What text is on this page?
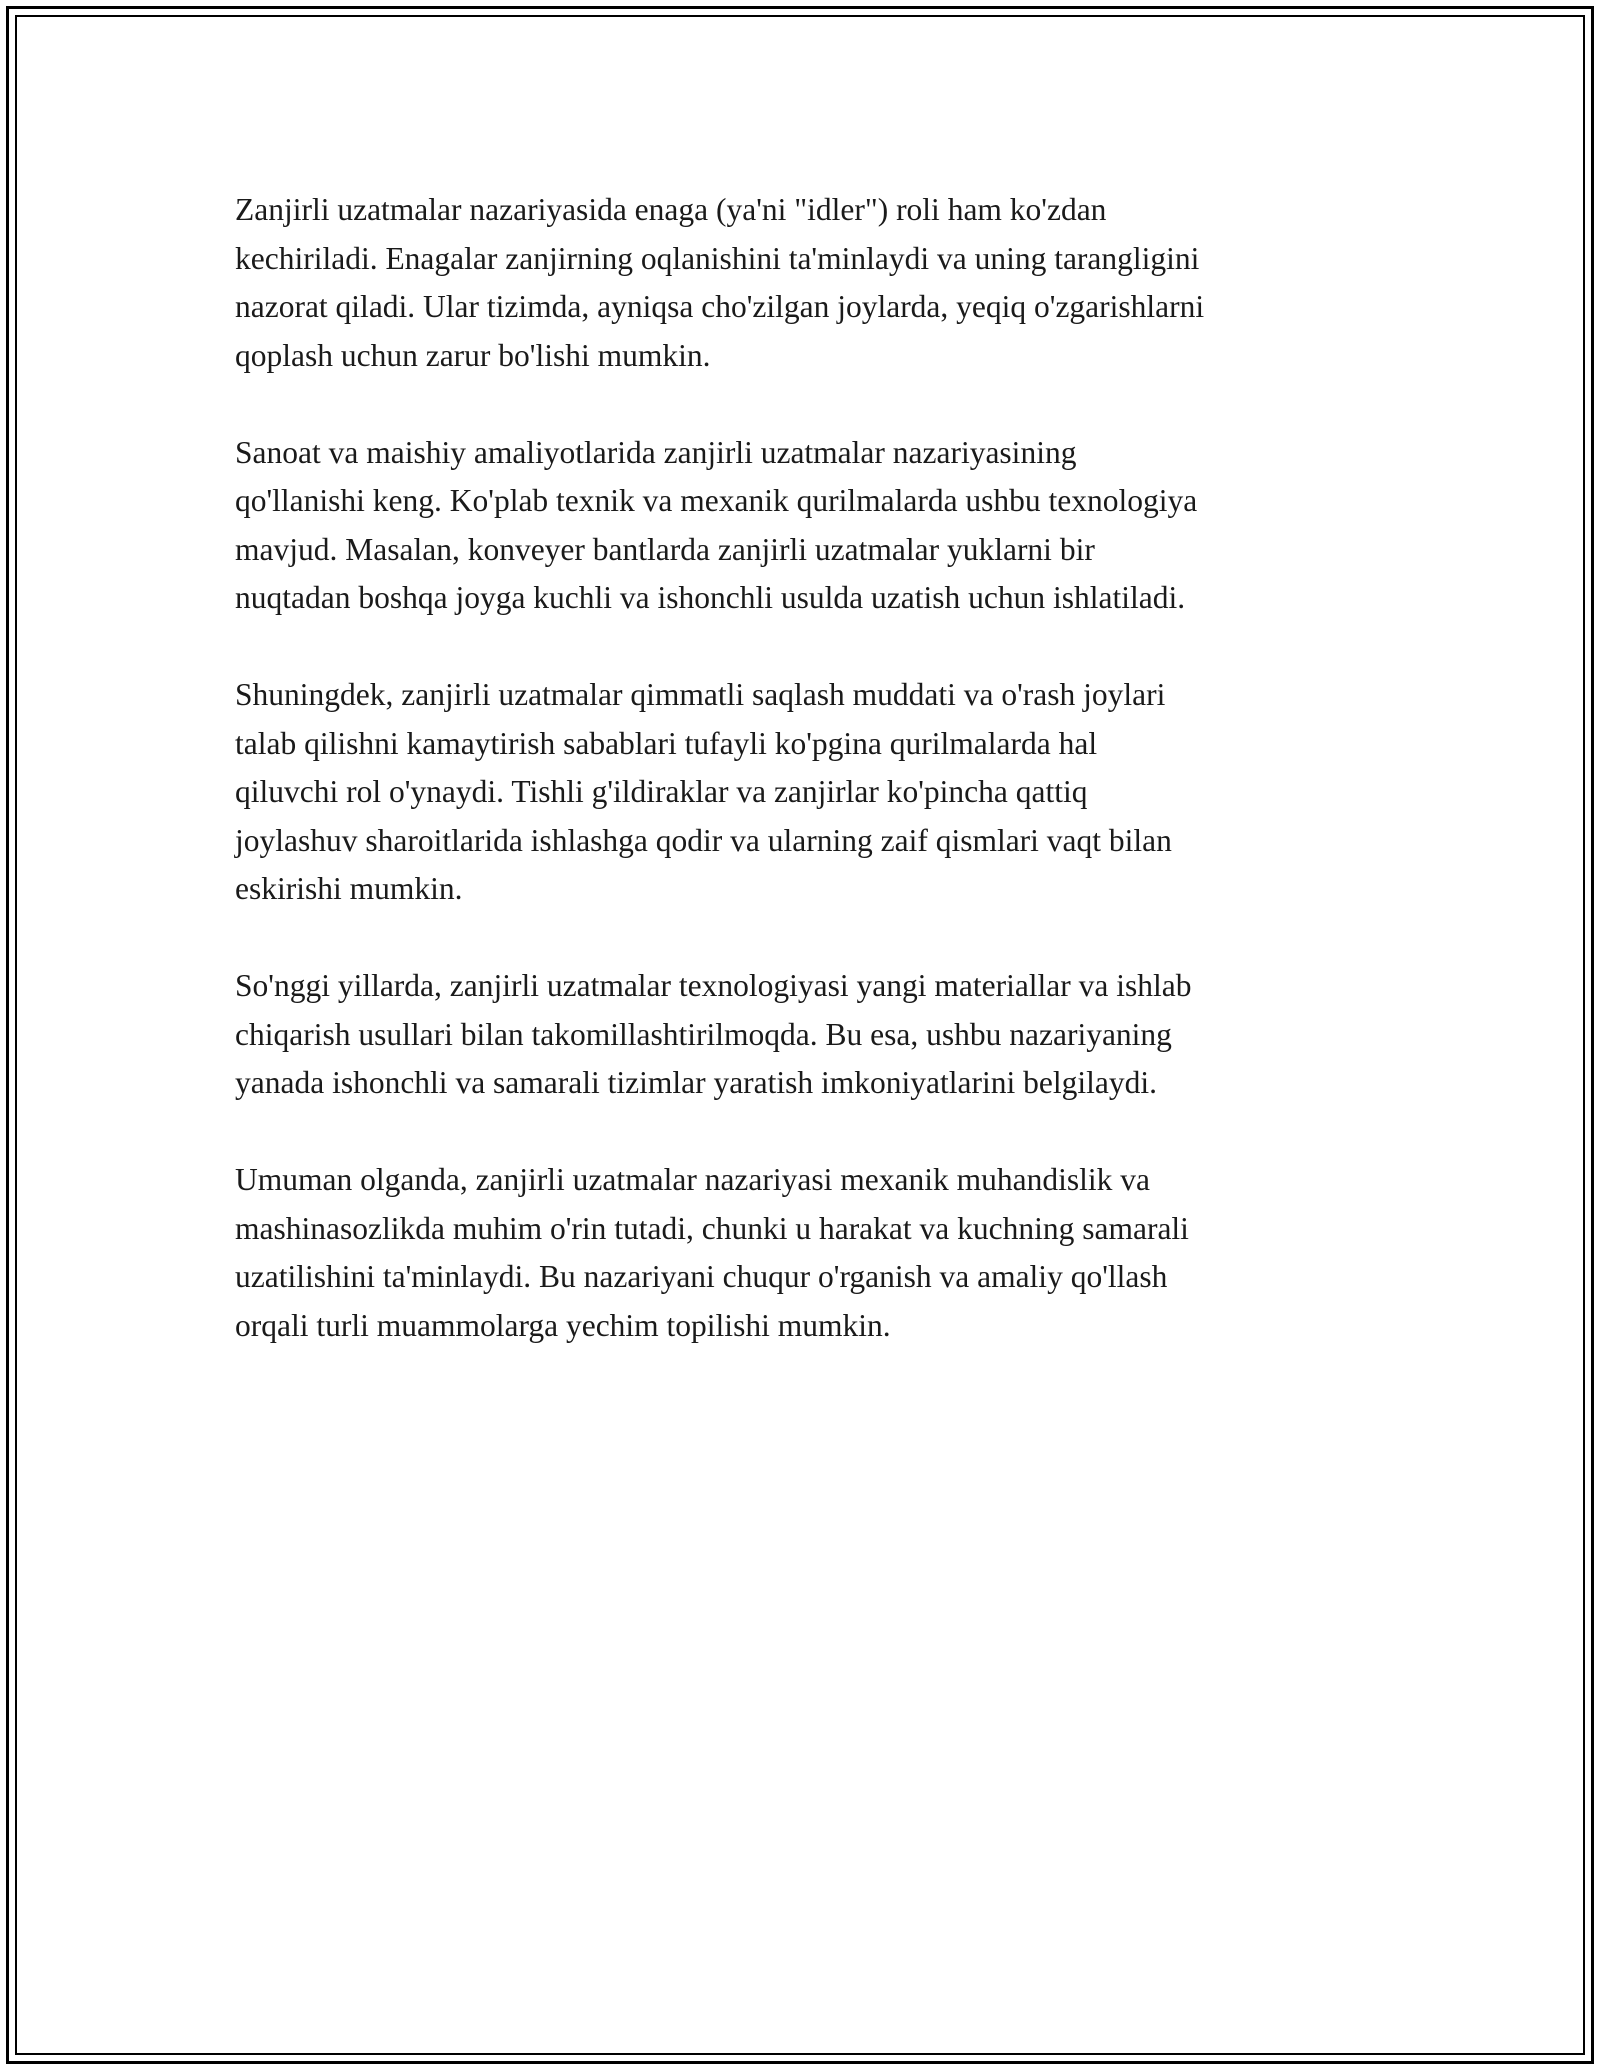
Zanjirli uzatmalar nazariyasida enaga (ya'ni "idler") roli ham ko'zdan
kechiriladi. Enagalar zanjirning oqlanishini ta'minlaydi va uning tarangligini
nazorat qiladi. Ular tizimda, ayniqsa cho'zilgan joylarda, yeqiq o'zgarishlarni
qoplash uchun zarur bo'lishi mumkin.

Sanoat va maishiy amaliyotlarida zanjirli uzatmalar nazariyasining
qo'llanishi keng. Ko'plab texnik va mexanik qurilmalarda ushbu texnologiya
mavjud. Masalan, konveyer bantlarda zanjirli uzatmalar yuklarni bir
nuqtadan boshqa joyga kuchli va ishonchli usulda uzatish uchun ishlatiladi.

Shuningdek, zanjirli uzatmalar qimmatli saqlash muddati va o'rash joylari
talab qilishni kamaytirish sabablari tufayli ko'pgina qurilmalarda hal
qiluvchi rol o'ynaydi. Tishli g'ildiraklar va zanjirlar ko'pincha qattiq
joylashuv sharoitlarida ishlashga qodir va ularning zaif qismlari vaqt bilan
eskirishi mumkin.

So'nggi yillarda, zanjirli uzatmalar texnologiyasi yangi materiallar va ishlab
chiqarish usullari bilan takomillashtirilmoqda. Bu esa, ushbu nazariyaning
yanada ishonchli va samarali tizimlar yaratish imkoniyatlarini belgilaydi.

Umuman olganda, zanjirli uzatmalar nazariyasi mexanik muhandislik va
mashinasozlikda muhim o'rin tutadi, chunki u harakat va kuchning samarali
uzatilishini ta'minlaydi. Bu nazariyani chuqur o'rganish va amaliy qo'llash
orqali turli muammolarga yechim topilishi mumkin.
